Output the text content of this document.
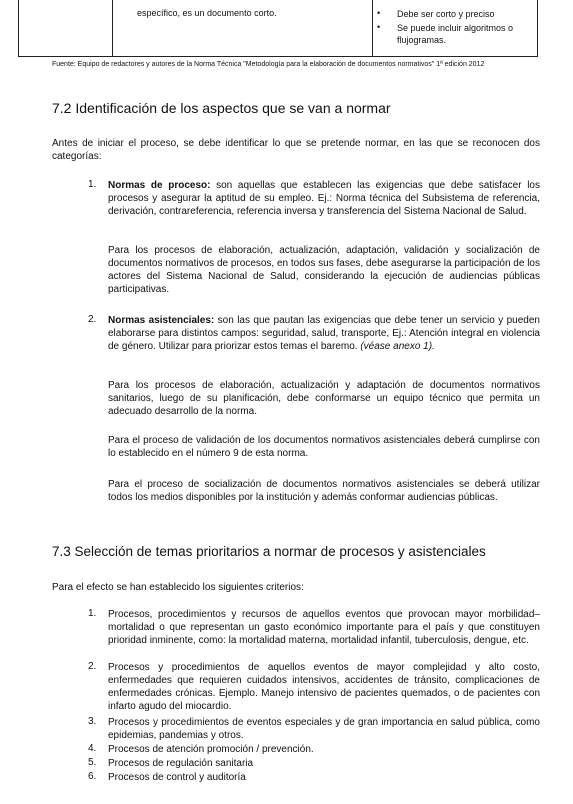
específico, es un documento corto.	• Debe ser corto y preciso
• Se puede incluir algoritmos o flujogramas.
Fuente: Equipo de redactores y autores de la Norma Técnica "Metodología para la elaboración de documentos normativos" 1ª edición 2012
7.2 Identificación de los aspectos que se van a normar

Antes de iniciar el proceso, se debe identificar lo que se pretende normar, en las que se reconocen dos categorías:

1. Normas de proceso: son aquellas que establecen las exigencias que debe satisfacer los procesos y asegurar la aptitud de su empleo. Ej.: Norma técnica del Subsistema de referencia, derivación, contrareferencia, referencia inversa y transferencia del Sistema Nacional de Salud.

Para los procesos de elaboración, actualización, adaptación, validación y socialización de documentos normativos de procesos, en todos sus fases, debe asegurarse la participación de los actores del Sistema Nacional de Salud, considerando la ejecución de audiencias públicas participativas.

2. Normas asistenciales: son las que pautan las exigencias que debe tener un servicio y pueden elaborarse para distintos campos: seguridad, salud, transporte, Ej.: Atención integral en violencia de género. Utilizar para priorizar estos temas el baremo. (véase anexo 1).

Para los procesos de elaboración, actualización y adaptación de documentos normativos sanitarios, luego de su planificación, debe conformarse un equipo técnico que permita un adecuado desarrollo de la norma.

Para el proceso de validación de los documentos normativos asistenciales deberá cumplirse con lo establecido en el número 9 de esta norma.

Para el proceso de socialización de documentos normativos asistenciales se deberá utilizar todos los medios disponibles por la institución y además conformar audiencias públicas.

7.3 Selección de temas prioritarios a normar de procesos y asistenciales

Para el efecto se han establecido los siguientes criterios:

1. Procesos, procedimientos y recursos de aquellos eventos que provocan mayor morbilidad–mortalidad o que representan un gasto económico importante para el país y que constituyen prioridad inminente, como: la mortalidad materna, mortalidad infantil, tuberculosis, dengue, etc.

2. Procesos y procedimientos de aquellos eventos de mayor complejidad y alto costo, enfermedades que requieren cuidados intensivos, accidentes de tránsito, complicaciones de enfermedades crónicas. Ejemplo. Manejo intensivo de pacientes quemados, o de pacientes con infarto agudo del miocardio.

3. Procesos y procedimientos de eventos especiales y de gran importancia en salud pública, como epidemias, pandemias y otros.

4. Procesos de atención promoción / prevención.

5. Procesos de regulación sanitaria

6. Procesos de control y auditoría
